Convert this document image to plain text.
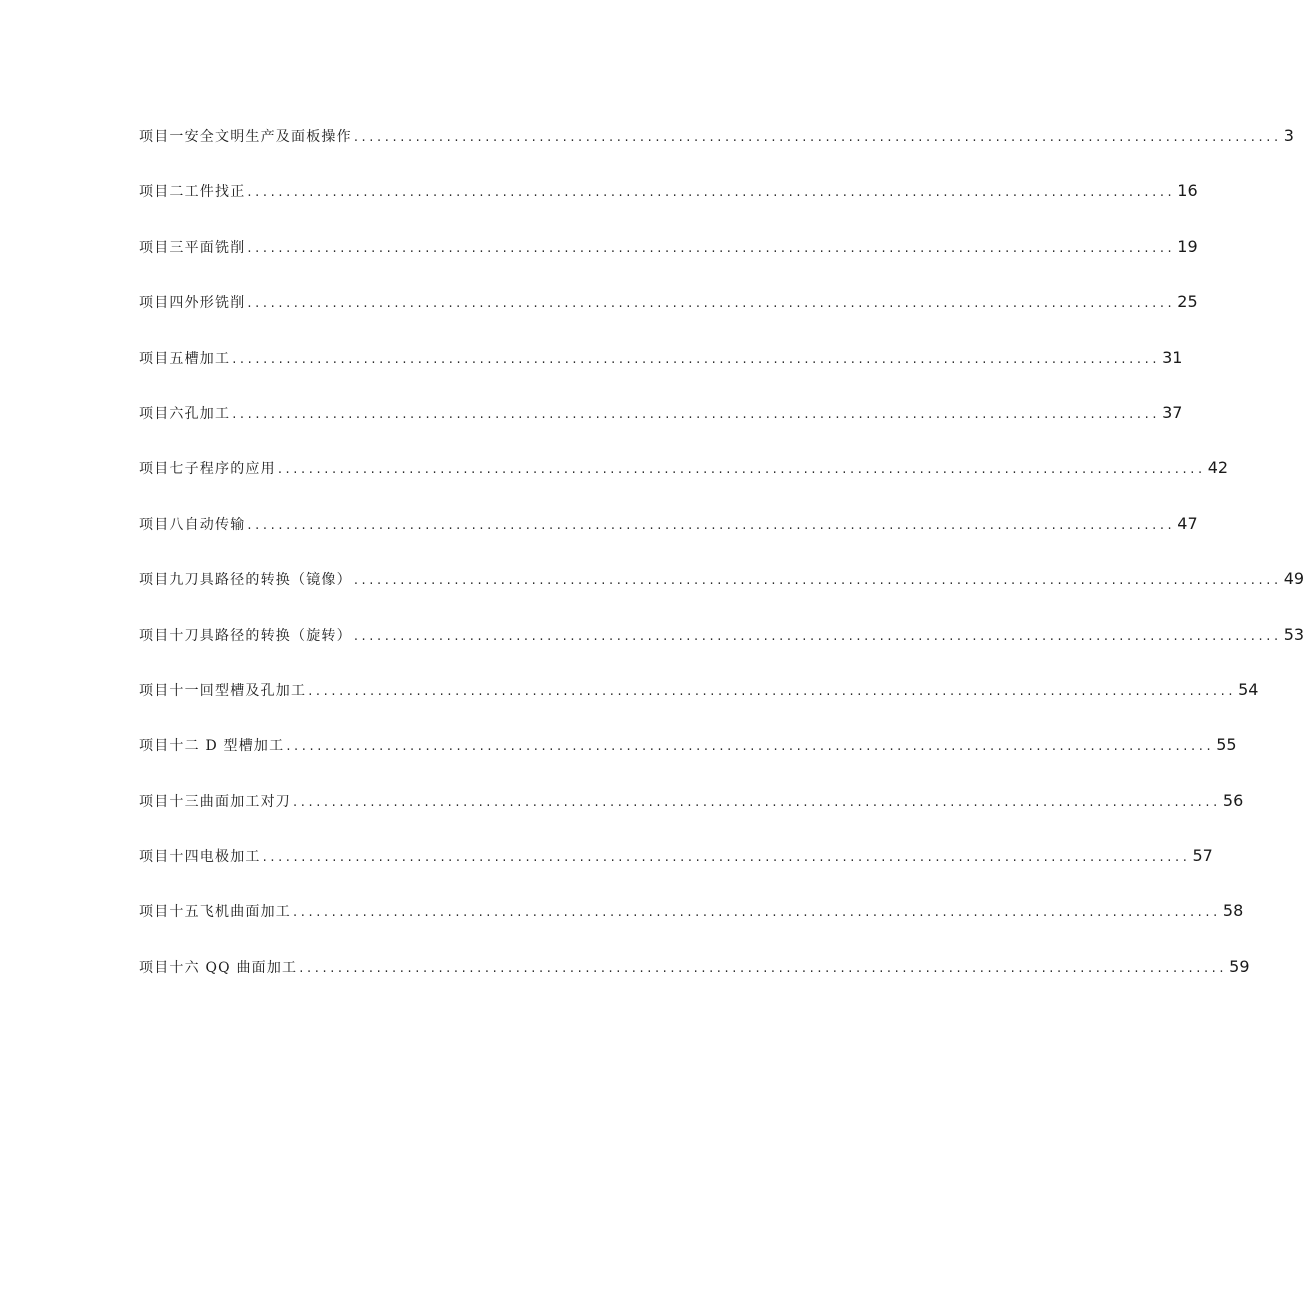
项目一安全文明生产及面板操作 ........................................................................................................................ 3
项目二工件找正 ........................................................................................................................ 16
项目三平面铣削 ........................................................................................................................ 19
项目四外形铣削 ........................................................................................................................ 25
项目五槽加工 ........................................................................................................................ 31
项目六孔加工 ........................................................................................................................ 37
项目七子程序的应用 ........................................................................................................................ 42
项目八自动传输 ........................................................................................................................ 47
项目九刀具路径的转换（镜像） ........................................................................................................................ 49
项目十刀具路径的转换（旋转） ........................................................................................................................ 53
项目十一回型槽及孔加工 ........................................................................................................................ 54
项目十二 D 型槽加工 ........................................................................................................................ 55
项目十三曲面加工对刀 ........................................................................................................................ 56
项目十四电极加工 ........................................................................................................................ 57
项目十五飞机曲面加工 ........................................................................................................................ 58
项目十六 QQ 曲面加工 ........................................................................................................................ 59
